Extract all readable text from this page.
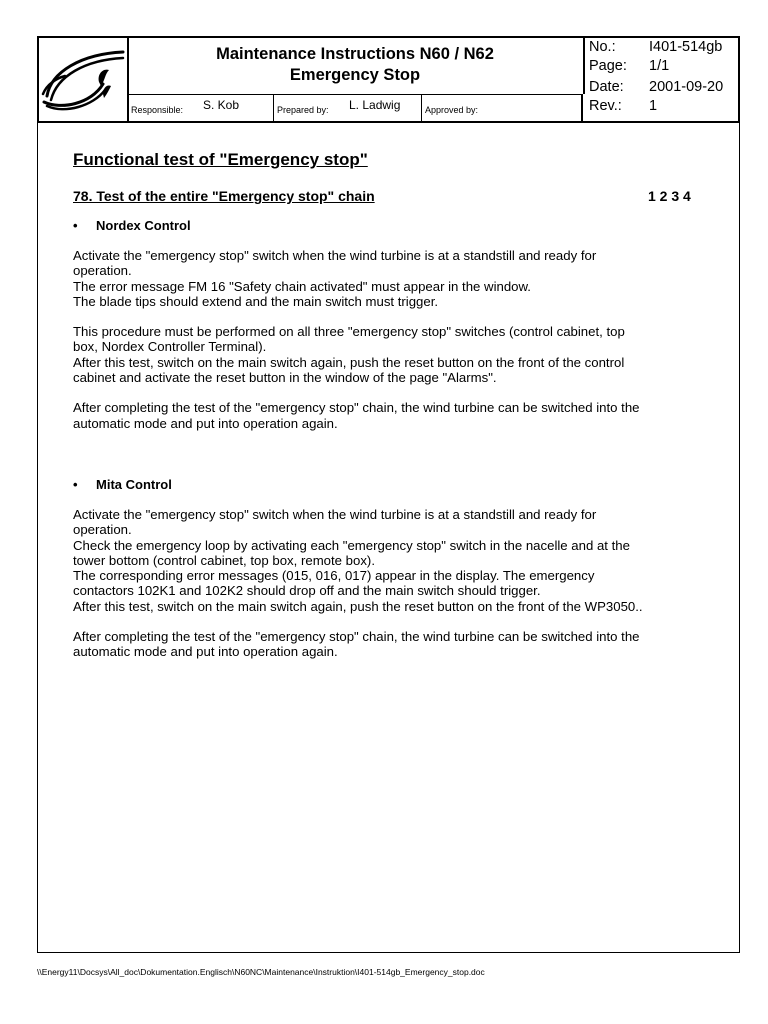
Maintenance Instructions N60 / N62
Emergency Stop
Responsible: S. Kob	Prepared by: L. Ladwig	Approved by:
No.:	I401-514gb
Page:	1/1
Date:	2001-09-20
Rev.:	1
Functional test of "Emergency stop"
78. Test of the entire "Emergency stop" chain	1 2 3 4
• Nordex Control

Activate the "emergency stop" switch when the wind turbine is at a standstill and ready for
operation.
The error message FM 16 "Safety chain activated" must appear in the window.
The blade tips should extend and the main switch must trigger.

This procedure must be performed on all three "emergency stop" switches (control cabinet, top
box, Nordex Controller Terminal).
After this test, switch on the main switch again, push the reset button on the front of the control
cabinet and activate the reset button in the window of the page "Alarms".

After completing the test of the "emergency stop" chain, the wind turbine can be switched into the
automatic mode and put into operation again.

• Mita Control

Activate the "emergency stop" switch when the wind turbine is at a standstill and ready for
operation.
Check the emergency loop by activating each "emergency stop" switch in the nacelle and at the
tower bottom (control cabinet, top box, remote box).
The corresponding error messages (015, 016, 017) appear in the display. The emergency
contactors 102K1 and 102K2 should drop off and the main switch should trigger.
After this test, switch on the main switch again, push the reset button on the front of the WP3050..

After completing the test of the "emergency stop" chain, the wind turbine can be switched into the
automatic mode and put into operation again.

\\Energy11\Docsys\All_doc\Dokumentation.Englisch\N60NC\Maintenance\Instruktion\I401-514gb_Emergency_stop.doc
